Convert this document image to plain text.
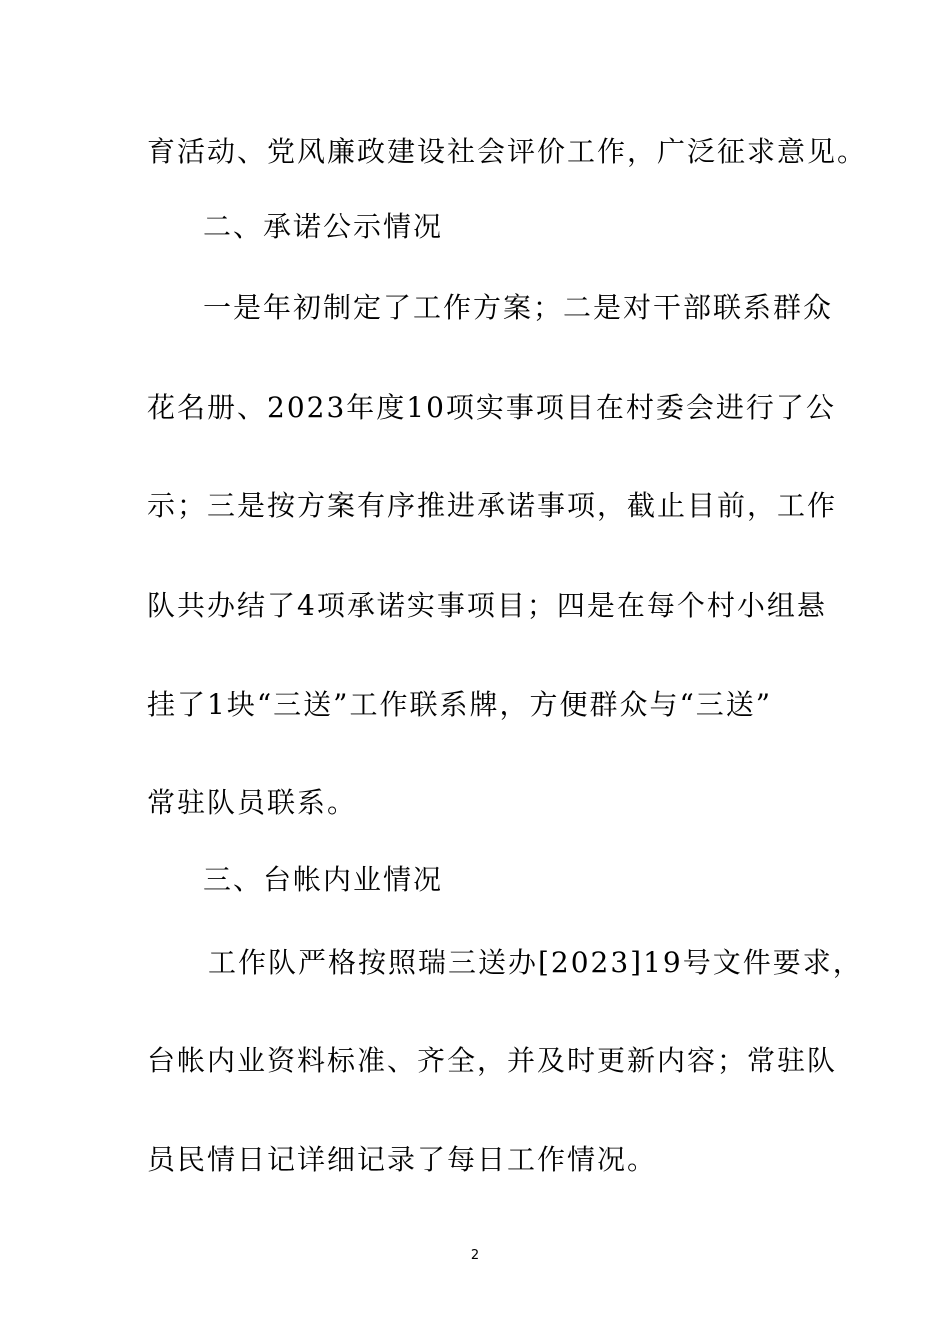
育活动、党风廉政建设社会评价工作，广泛征求意见。
二、承诺公示情况
一是年初制定了工作方案；二是对干部联系群众
花名册、2023年度10项实事项目在村委会进行了公
示；三是按方案有序推进承诺事项，截止目前，工作
队共办结了4项承诺实事项目；四是在每个村小组悬
挂了1块“三送”工作联系牌，方便群众与“三送”
常驻队员联系。
三、台帐内业情况
工作队严格按照瑞三送办[2023]19号文件要求，
台帐内业资料标准、齐全，并及时更新内容；常驻队
员民情日记详细记录了每日工作情况。
2
